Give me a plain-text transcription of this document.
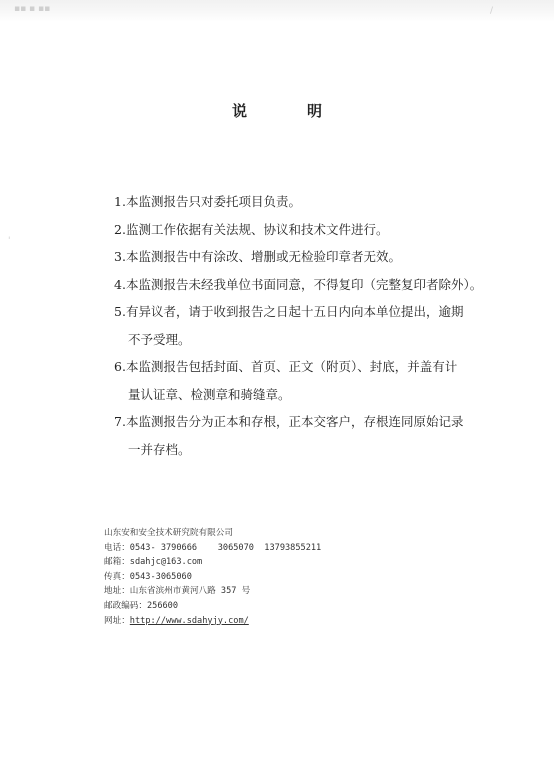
▪▪ ▪ ▪▪	/
'
说	明
1.本监测报告只对委托项目负责。
2.监测工作依据有关法规、协议和技术文件进行。
3.本监测报告中有涂改、增删或无检验印章者无效。
4.本监测报告未经我单位书面同意，不得复印（完整复印者除外）。
5.有异议者，请于收到报告之日起十五日内向本单位提出，逾期
不予受理。
6.本监测报告包括封面、首页、正文（附页）、封底，并盖有计
量认证章、检测章和骑缝章。
7.本监测报告分为正本和存根，正本交客户，存根连同原始记录
一并存档。
山东安和安全技术研究院有限公司
电话：0543- 3790666    3065070  13793855211
邮箱：sdahjc@163.com
传真：0543-3065060
地址：山东省滨州市黄河八路 357 号
邮政编码：256600
网址：http://www.sdahyjy.com/
